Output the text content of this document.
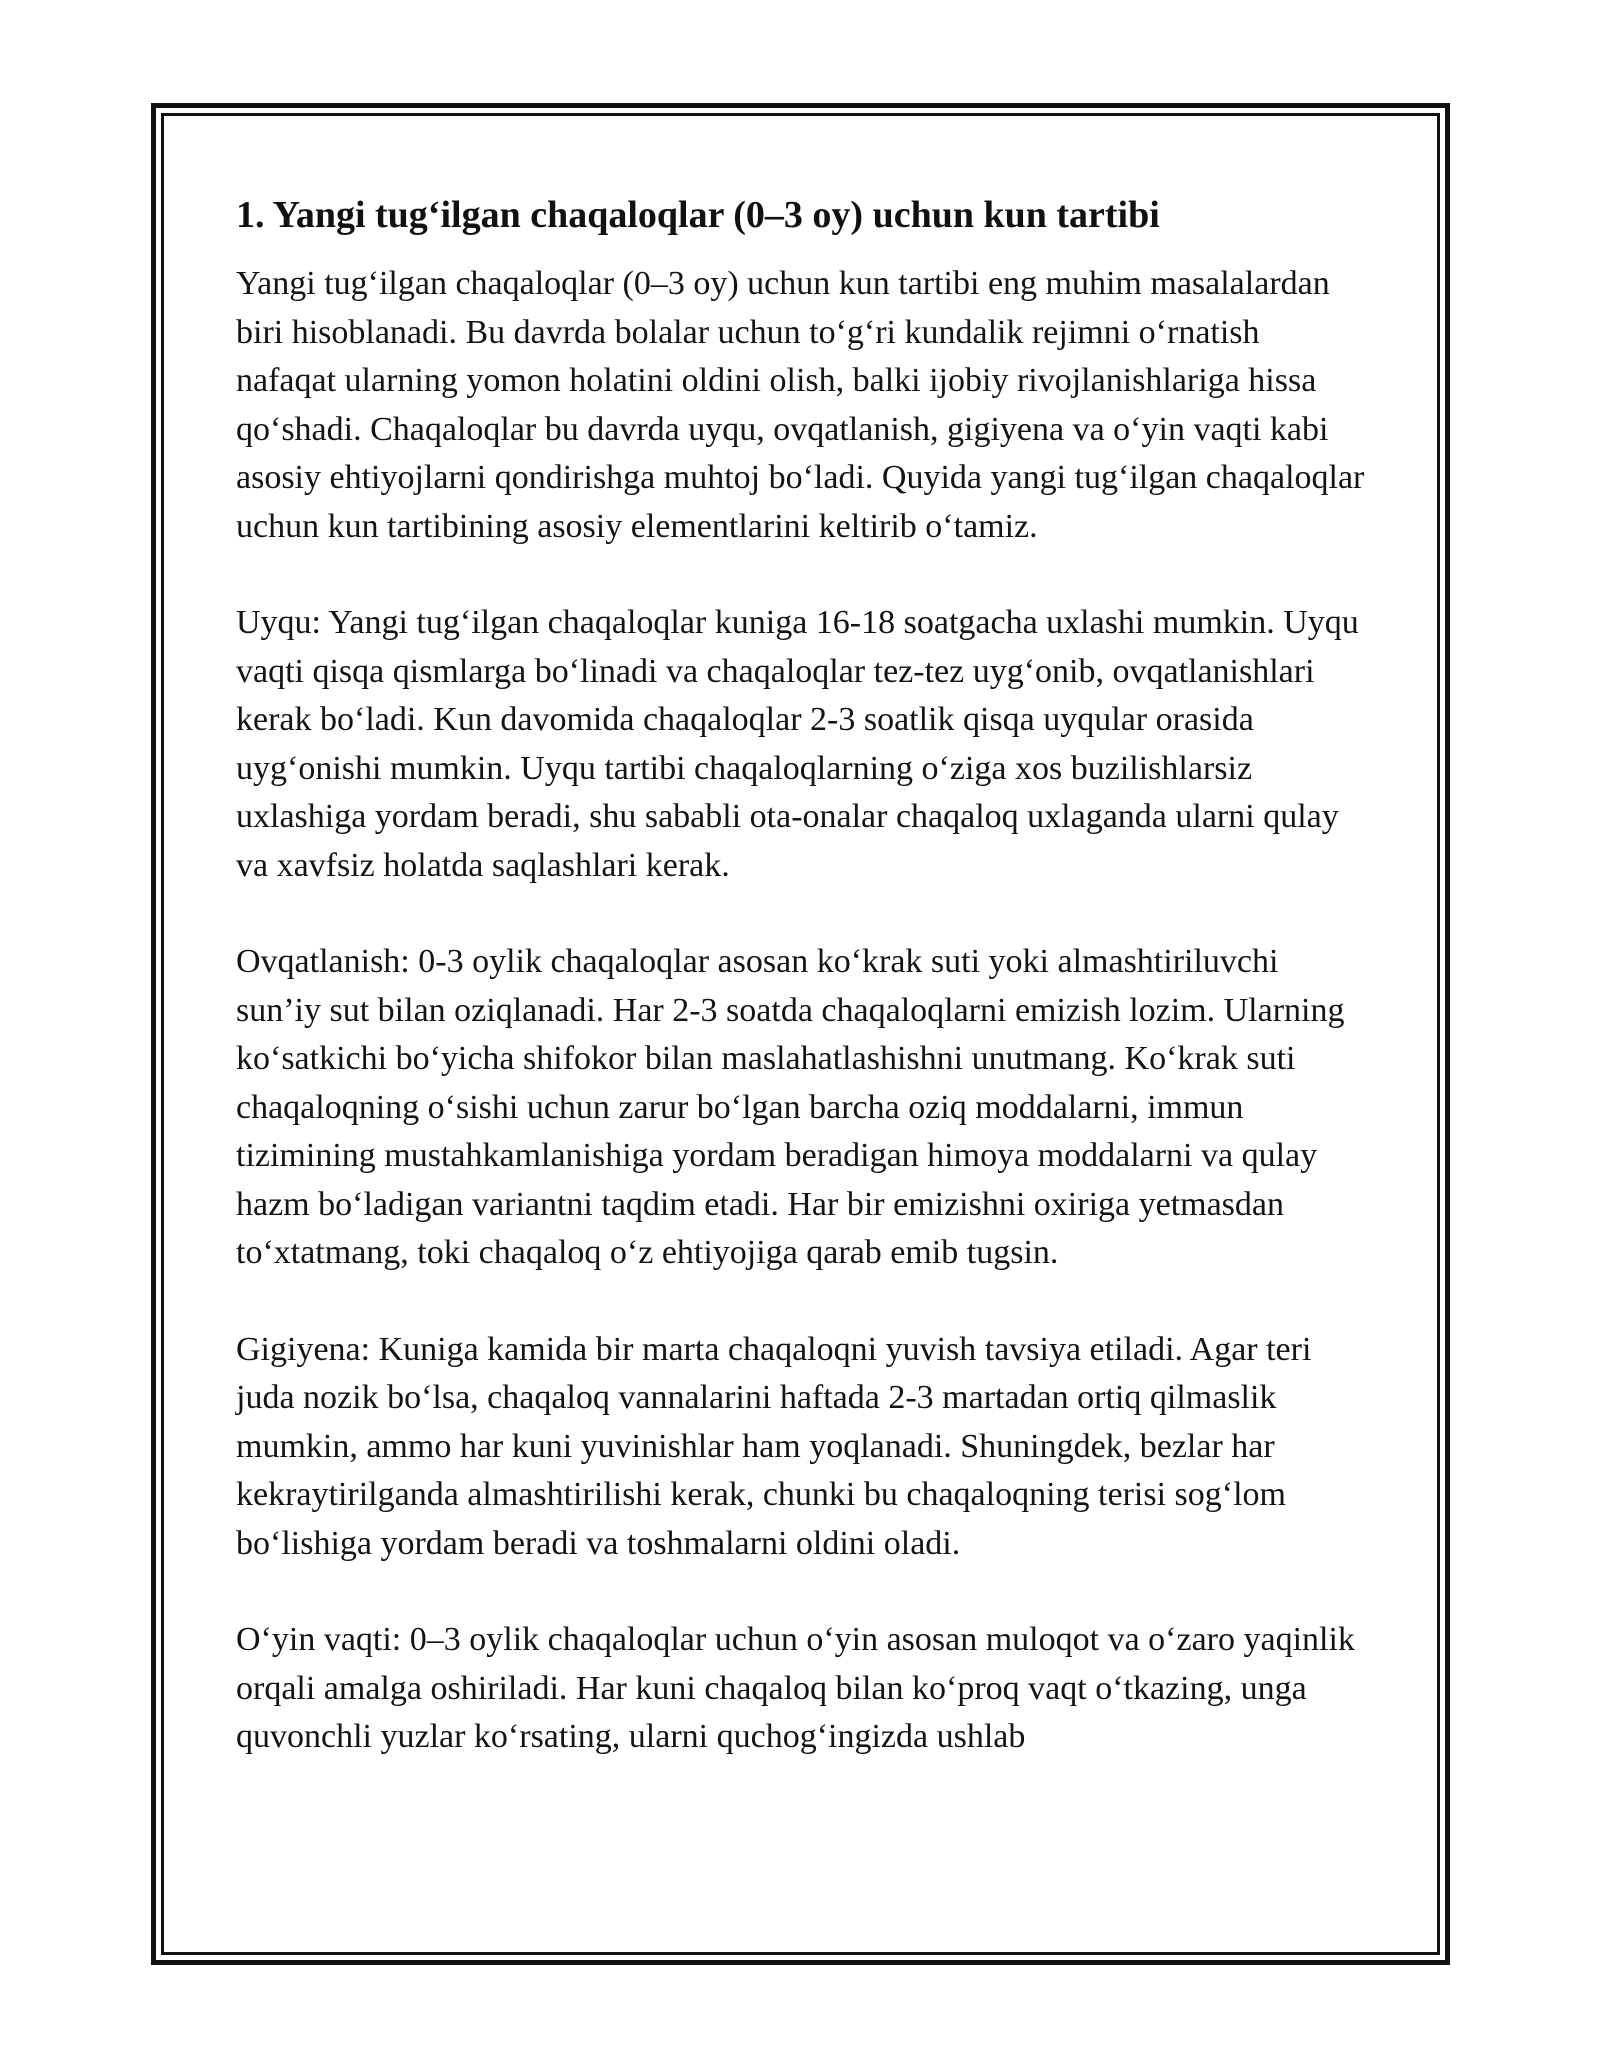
1. Yangi tug‘ilgan chaqaloqlar (0–3 oy) uchun kun tartibi

Yangi tug‘ilgan chaqaloqlar (0–3 oy) uchun kun tartibi eng muhim masalalardan biri hisoblanadi. Bu davrda bolalar uchun to‘g‘ri kundalik rejimni o‘rnatish nafaqat ularning yomon holatini oldini olish, balki ijobiy rivojlanishlariga hissa qo‘shadi. Chaqaloqlar bu davrda uyqu, ovqatlanish, gigiyena va o‘yin vaqti kabi asosiy ehtiyojlarni qondirishga muhtoj bo‘ladi. Quyida yangi tug‘ilgan chaqaloqlar uchun kun tartibining asosiy elementlarini keltirib o‘tamiz.

Uyqu: Yangi tug‘ilgan chaqaloqlar kuniga 16-18 soatgacha uxlashi mumkin. Uyqu vaqti qisqa qismlarga bo‘linadi va chaqaloqlar tez-tez uyg‘onib, ovqatlanishlari kerak bo‘ladi. Kun davomida chaqaloqlar 2-3 soatlik qisqa uyqular orasida uyg‘onishi mumkin. Uyqu tartibi chaqaloqlarning o‘ziga xos buzilishlarsiz uxlashiga yordam beradi, shu sababli ota-onalar chaqaloq uxlaganda ularni qulay va xavfsiz holatda saqlashlari kerak.

Ovqatlanish: 0-3 oylik chaqaloqlar asosan ko‘krak suti yoki almashtiriluvchi sun’iy sut bilan oziqlanadi. Har 2-3 soatda chaqaloqlarni emizish lozim. Ularning ko‘satkichi bo‘yicha shifokor bilan maslahatlashishni unutmang. Ko‘krak suti chaqaloqning o‘sishi uchun zarur bo‘lgan barcha oziq moddalarni, immun tizimining mustahkamlanishiga yordam beradigan himoya moddalarni va qulay hazm bo‘ladigan variantni taqdim etadi. Har bir emizishni oxiriga yetmasdan to‘xtatmang, toki chaqaloq o‘z ehtiyojiga qarab emib tugsin.

Gigiyena: Kuniga kamida bir marta chaqaloqni yuvish tavsiya etiladi. Agar teri juda nozik bo‘lsa, chaqaloq vannalarini haftada 2-3 martadan ortiq qilmaslik mumkin, ammo har kuni yuvinishlar ham yoqlanadi. Shuningdek, bezlar har kekraytirilganda almashtirilishi kerak, chunki bu chaqaloqning terisi sog‘lom bo‘lishiga yordam beradi va toshmalarni oldini oladi.

O‘yin vaqti: 0–3 oylik chaqaloqlar uchun o‘yin asosan muloqot va o‘zaro yaqinlik orqali amalga oshiriladi. Har kuni chaqaloq bilan ko‘proq vaqt o‘tkazing, unga quvonchli yuzlar ko‘rsating, ularni quchog‘ingizda ushlab
